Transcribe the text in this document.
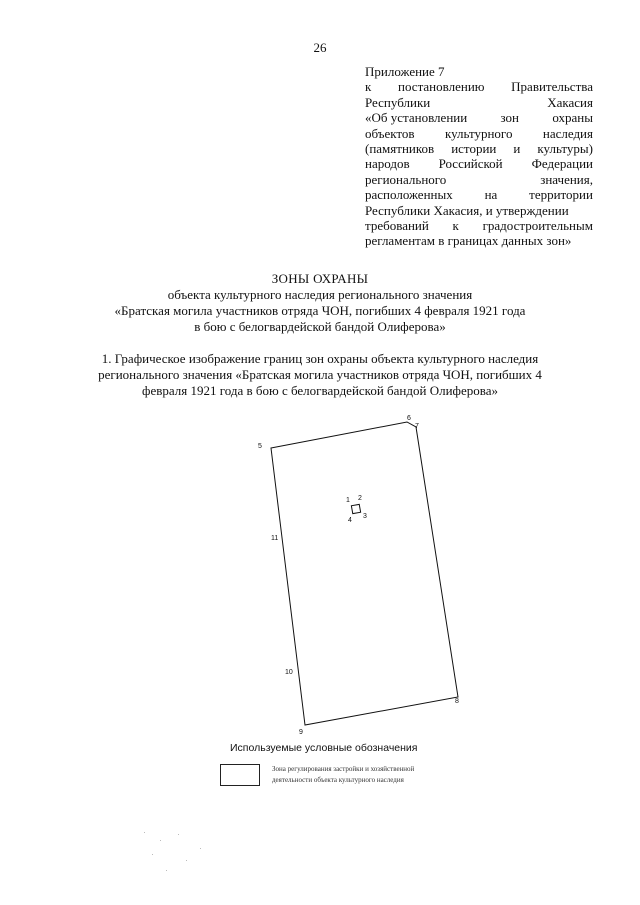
26
Приложение 7
к постановлению Правительства
Республики	Хакасия
«Об установлении	зон	охраны
объектов культурного наследия
(памятников истории и культуры)
народов Российской Федерации
регионального	значения,
расположенных на территории
Республики Хакасия, и утверждении
требований к градостроительным
регламентам в границах данных зон»
ЗОНЫ ОХРАНЫ
объекта культурного наследия регионального значения
«Братская могила участников отряда ЧОН, погибших 4 февраля 1921 года
в бою с белогвардейской бандой Олиферова»
1. Графическое изображение границ зон охраны объекта культурного наследия
регионального значения «Братская могила участников отряда ЧОН, погибших 4
февраля 1921 года в бою с белогвардейской бандой Олиферова»
1 2
3
4
5
6
7
8
9
10
11
Используемые условные обозначения
Зона регулирования застройки и хозяйственной
деятельности объекта культурного наследия
